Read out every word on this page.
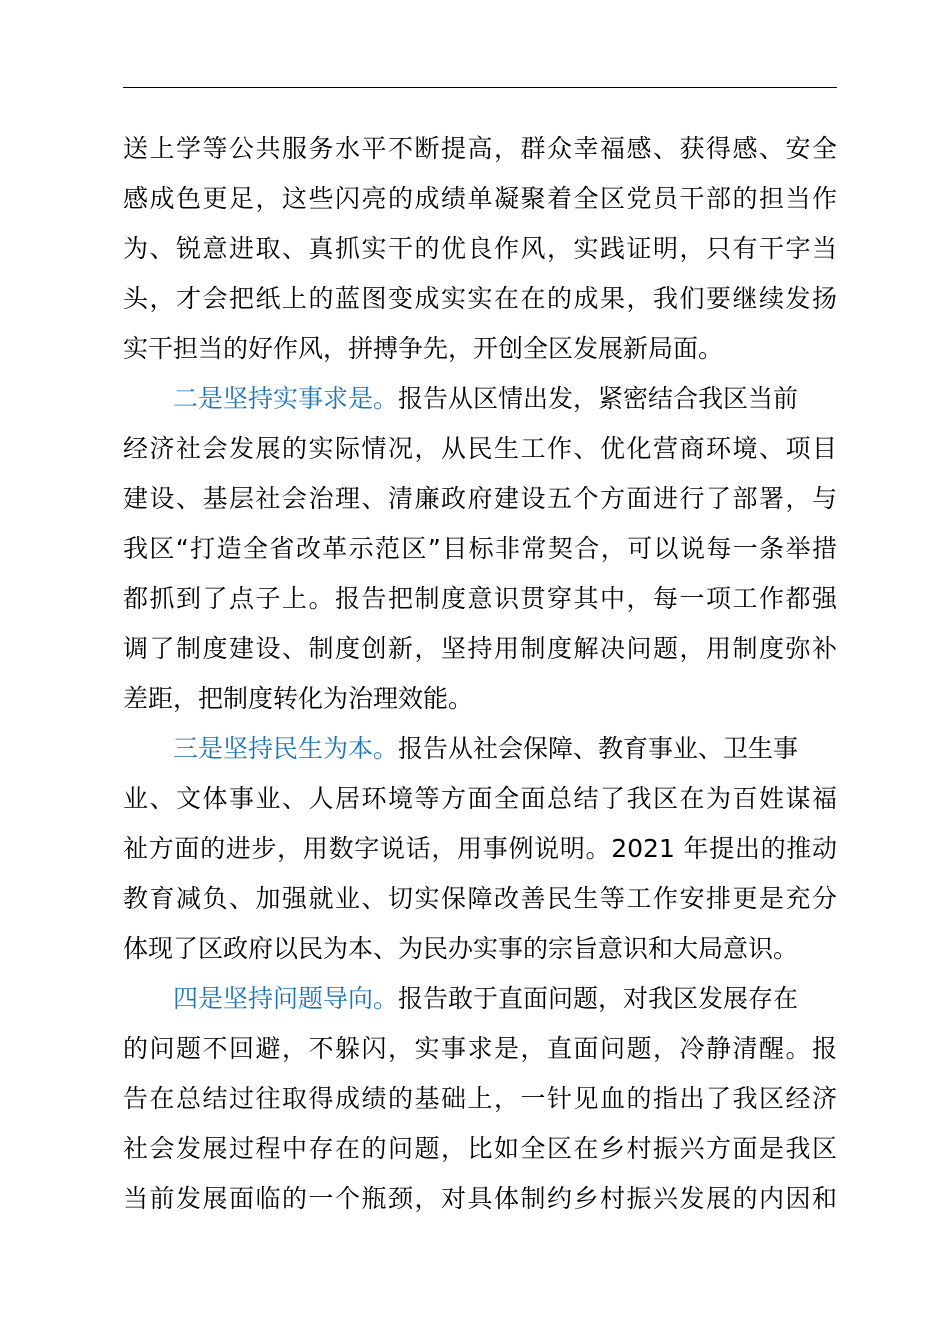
送上学等公共服务水平不断提高，群众幸福感、获得感、安全
感成色更足，这些闪亮的成绩单凝聚着全区党员干部的担当作
为、锐意进取、真抓实干的优良作风，实践证明，只有干字当
头，才会把纸上的蓝图变成实实在在的成果，我们要继续发扬
实干担当的好作风，拼搏争先，开创全区发展新局面。
二是坚持实事求是。报告从区情出发，紧密结合我区当前
经济社会发展的实际情况，从民生工作、优化营商环境、项目
建设、基层社会治理、清廉政府建设五个方面进行了部署，与
我区“打造全省改革示范区”目标非常契合，可以说每一条举措
都抓到了点子上。报告把制度意识贯穿其中，每一项工作都强
调了制度建设、制度创新，坚持用制度解决问题，用制度弥补
差距，把制度转化为治理效能。
三是坚持民生为本。报告从社会保障、教育事业、卫生事
业、文体事业、人居环境等方面全面总结了我区在为百姓谋福
祉方面的进步，用数字说话，用事例说明。2021 年提出的推动
教育减负、加强就业、切实保障改善民生等工作安排更是充分
体现了区政府以民为本、为民办实事的宗旨意识和大局意识。
四是坚持问题导向。报告敢于直面问题，对我区发展存在
的问题不回避，不躲闪，实事求是，直面问题，冷静清醒。报
告在总结过往取得成绩的基础上，一针见血的指出了我区经济
社会发展过程中存在的问题，比如全区在乡村振兴方面是我区
当前发展面临的一个瓶颈，对具体制约乡村振兴发展的内因和
